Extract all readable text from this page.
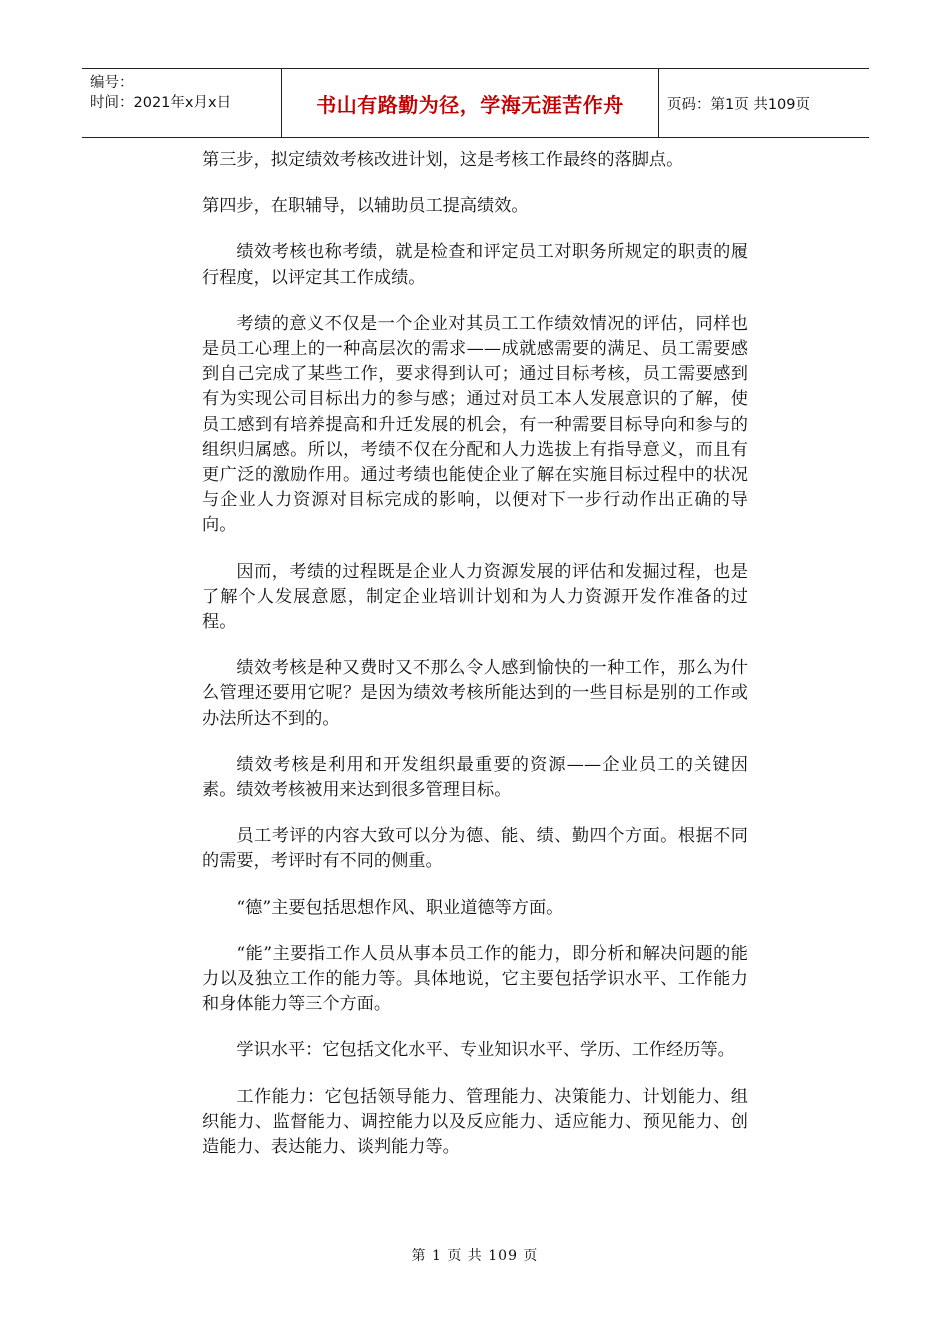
编号：
时间：2021年x月x日	书山有路勤为径，学海无涯苦作舟	页码：第1页 共109页

第三步，拟定绩效考核改进计划，这是考核工作最终的落脚点。

第四步，在职辅导，以辅助员工提高绩效。

绩效考核也称考绩，就是检查和评定员工对职务所规定的职责的履行程度，以评定其工作成绩。

考绩的意义不仅是一个企业对其员工工作绩效情况的评估，同样也是员工心理上的一种高层次的需求——成就感需要的满足、员工需要感到自己完成了某些工作，要求得到认可；通过目标考核，员工需要感到有为实现公司目标出力的参与感；通过对员工本人发展意识的了解，使员工感到有培养提高和升迁发展的机会，有一种需要目标导向和参与的组织归属感。所以，考绩不仅在分配和人力选拔上有指导意义，而且有更广泛的激励作用。通过考绩也能使企业了解在实施目标过程中的状况与企业人力资源对目标完成的影响，以便对下一步行动作出正确的导向。

因而，考绩的过程既是企业人力资源发展的评估和发掘过程，也是了解个人发展意愿，制定企业培训计划和为人力资源开发作准备的过程。

绩效考核是种又费时又不那么令人感到愉快的一种工作，那么为什么管理还要用它呢？是因为绩效考核所能达到的一些目标是别的工作或办法所达不到的。

绩效考核是利用和开发组织最重要的资源——企业员工的关键因素。绩效考核被用来达到很多管理目标。

员工考评的内容大致可以分为德、能、绩、勤四个方面。根据不同的需要，考评时有不同的侧重。

“德”主要包括思想作风、职业道德等方面。

“能”主要指工作人员从事本员工作的能力，即分析和解决问题的能力以及独立工作的能力等。具体地说，它主要包括学识水平、工作能力和身体能力等三个方面。

学识水平：它包括文化水平、专业知识水平、学历、工作经历等。

工作能力：它包括领导能力、管理能力、决策能力、计划能力、组织能力、监督能力、调控能力以及反应能力、适应能力、预见能力、创造能力、表达能力、谈判能力等。

第 1 页 共 109 页
